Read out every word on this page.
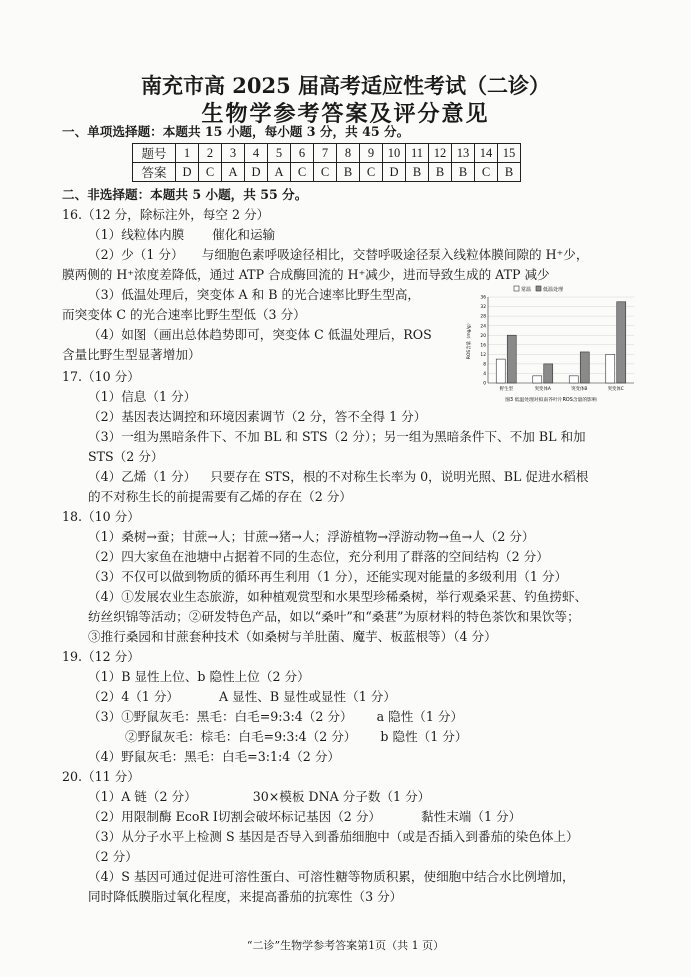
南充市高 2025 届高考适应性考试（二诊）
生物学参考答案及评分意见
一、单项选择题：本题共 15 小题，每小题 3 分，共 45 分。
题号	1	2	3	4	5	6	7	8	9	10	11	12	13	14	15
答案	D	C	A	D	A	C	C	B	C	D	B	B	B	C	B
二、非选择题：本题共 5 小题，共 55 分。
16.（12 分，除标注外，每空 2 分）
（1）线粒体内膜 催化和运输
（2）少（1 分） 与细胞色素呼吸途径相比，交替呼吸途径泵入线粒体膜间隙的 H⁺少，
膜两侧的 H⁺浓度差降低，通过 ATP 合成酶回流的 H⁺减少，进而导致生成的 ATP 减少
（3）低温处理后，突变体 A 和 B 的光合速率比野生型高，
而突变体 C 的光合速率比野生型低（3 分）
（4）如图（画出总体趋势即可，突变体 C 低温处理后，ROS
含量比野生型显著增加）
常温 低温处理
0
4
8
12
16
20
24
28
32
36
ROS含量（mg/g）
野生型	突变体A	突变体B	突变体C
图3 低温处理对拟南芥叶片ROS含量的影响
17.（10 分）
（1）信息（1 分）
（2）基因表达调控和环境因素调节（2 分，答不全得 1 分）
（3）一组为黑暗条件下、不加 BL 和 STS（2 分）；另一组为黑暗条件下、不加 BL 和加
STS（2 分）
（4）乙烯（1 分） 只要存在 STS，根的不对称生长率为 0，说明光照、BL 促进水稻根
的不对称生长的前提需要有乙烯的存在（2 分）
18.（10 分）
（1）桑树→蚕；甘蔗→人；甘蔗→猪→人；浮游植物→浮游动物→鱼→人（2 分）
（2）四大家鱼在池塘中占据着不同的生态位，充分利用了群落的空间结构（2 分）
（3）不仅可以做到物质的循环再生利用（1 分），还能实现对能量的多级利用（1 分）
（4）①发展农业生态旅游，如种植观赏型和水果型珍稀桑树，举行观桑采葚、钓鱼捞虾、
纺丝织锦等活动；②研发特色产品，如以“桑叶”和“桑葚”为原材料的特色茶饮和果饮等；
③推行桑园和甘蔗套种技术（如桑树与羊肚菌、魔芋、板蓝根等）（4 分）
19.（12 分）
（1）B 显性上位、b 隐性上位（2 分）
（2）4（1 分）	A 显性、B 显性或显性（1 分）
（3）①野鼠灰毛：黑毛：白毛=9:3:4（2 分） a 隐性（1 分）
②野鼠灰毛：棕毛：白毛=9:3:4（2 分） b 隐性（1 分）
（4）野鼠灰毛：黑毛：白毛=3:1:4（2 分）
20.（11 分）
（1）A 链（2 分）	30×模板 DNA 分子数（1 分）
（2）用限制酶 EcoR I切割会破坏标记基因（2 分）	黏性末端（1 分）
（3）从分子水平上检测 S 基因是否导入到番茄细胞中（或是否插入到番茄的染色体上）
（2 分）
（4）S 基因可通过促进可溶性蛋白、可溶性糖等物质积累，使细胞中结合水比例增加，
同时降低膜脂过氧化程度，来提高番茄的抗寒性（3 分）
“二诊”生物学参考答案第1页（共 1 页）
